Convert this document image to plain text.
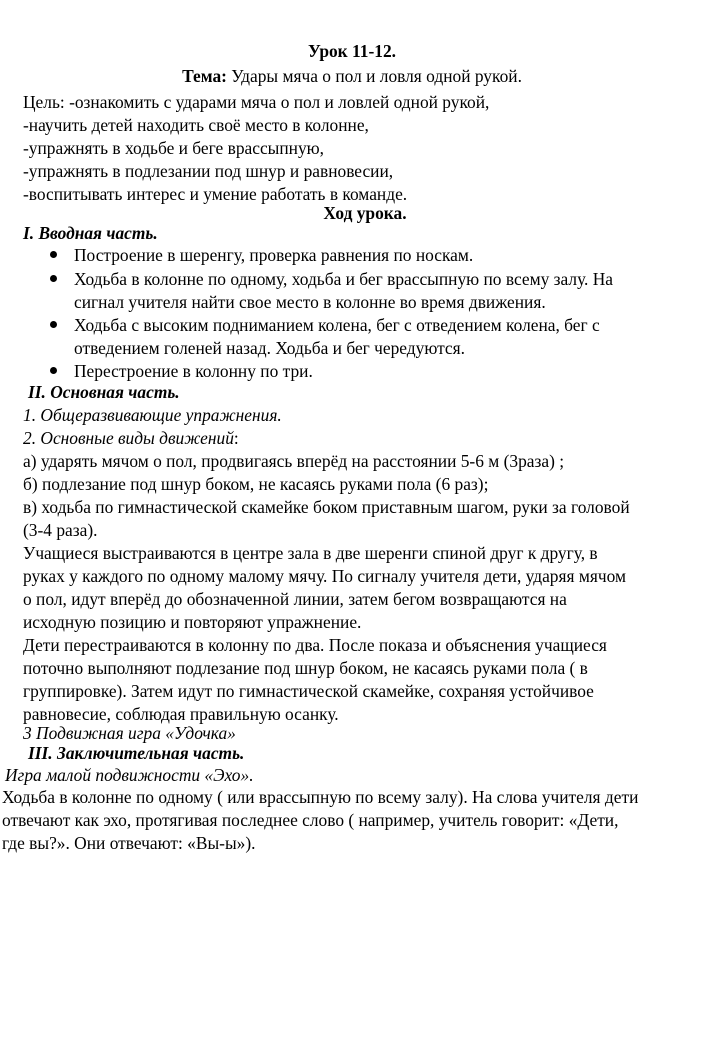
Урок 11-12.
Тема: Удары мяча о пол и ловля одной рукой.
Цель: -ознакомить с ударами мяча о пол и ловлей одной рукой,
-научить детей находить своё место в колонне,
-упражнять в ходьбе и беге врассыпную,
-упражнять в подлезании под шнур и равновесии,
-воспитывать интерес и умение работать в команде.
Ход урока.
I. Вводная часть.
Построение в шеренгу, проверка равнения по носкам.
Ходьба в колонне по одному, ходьба и бег врассыпную по всему залу. На
сигнал учителя найти свое место в колонне во время движения.
Ходьба с высоким подниманием колена, бег с отведением колена, бег с
отведением голеней назад. Ходьба и бег чередуются.
Перестроение в колонну по три.
II. Основная часть.
1. Общеразвивающие упражнения.
2. Основные виды движений:
а) ударять мячом о пол, продвигаясь вперёд на расстоянии 5-6 м (3раза) ;
б) подлезание под шнур боком, не касаясь руками пола (6 раз);
в) ходьба по гимнастической скамейке боком приставным шагом, руки за головой
(3-4 раза).
Учащиеся выстраиваются в центре зала в две шеренги спиной друг к другу, в
руках у каждого по одному малому мячу. По сигналу учителя дети, ударяя мячом
о пол, идут вперёд до обозначенной линии, затем бегом возвращаются на
исходную позицию и повторяют упражнение.
Дети перестраиваются в колонну по два. После показа и объяснения учащиеся
поточно выполняют подлезание под шнур боком, не касаясь руками пола ( в
группировке). Затем идут по гимнастической скамейке, сохраняя устойчивое
равновесие, соблюдая правильную осанку.
3 Подвижная игра «Удочка»
III. Заключительная часть.
Игра малой подвижности «Эхо».
Ходьба в колонне по одному ( или врассыпную по всему залу). На слова учителя дети
отвечают как эхо, протягивая последнее слово ( например, учитель говорит: «Дети,
где вы?». Они отвечают: «Вы-ы»).
